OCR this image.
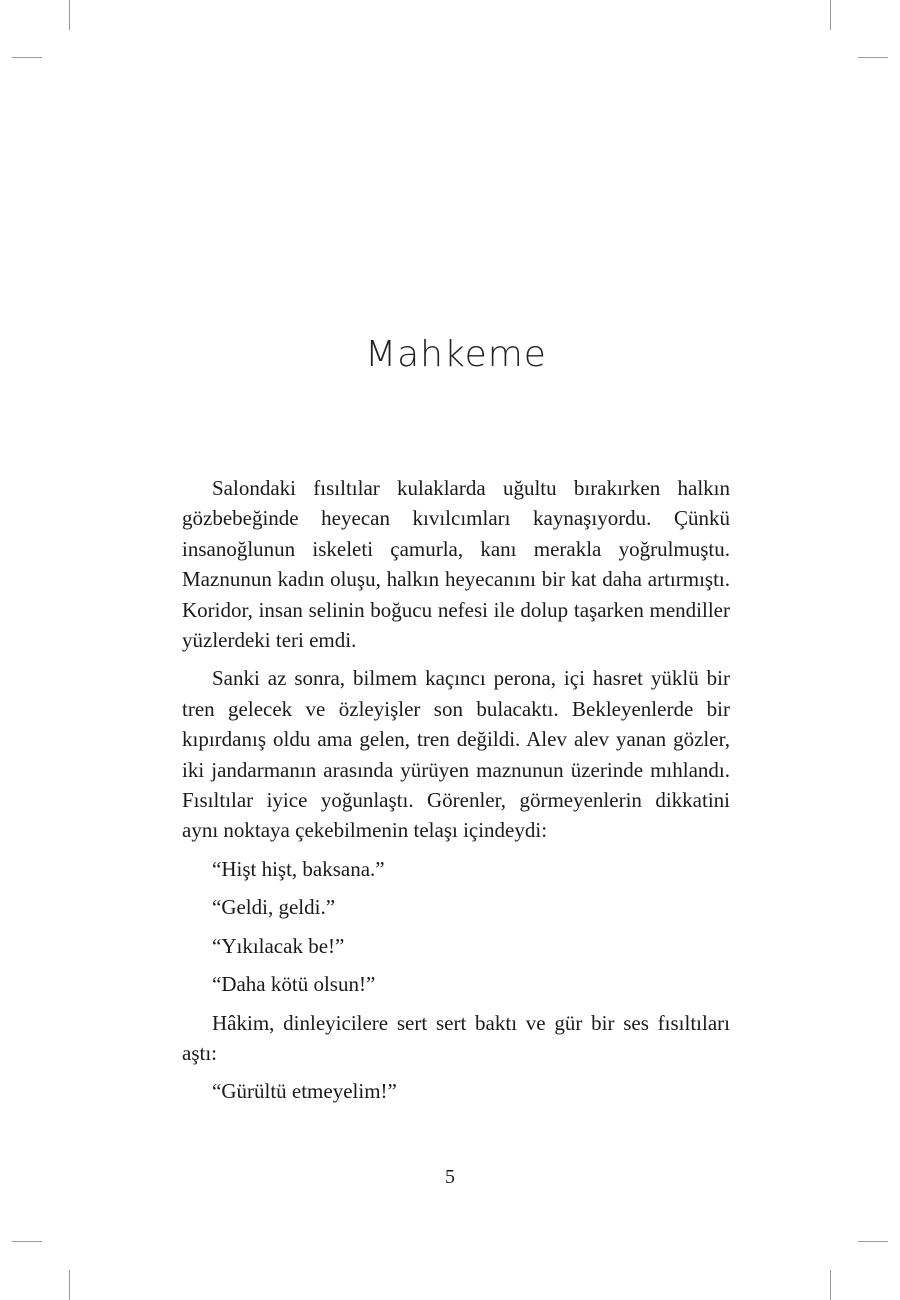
Mahkeme

Salondaki fısıltılar kulaklarda uğultu bırakırken halkın gözbebeğinde heyecan kıvılcımları kaynaşıyordu. Çünkü insanoğlunun iskeleti çamurla, kanı merakla yoğrulmuştu. Maznunun kadın oluşu, halkın heyecanını bir kat daha artırmıştı. Koridor, insan selinin boğucu nefesi ile dolup taşarken mendiller yüzlerdeki teri emdi.

Sanki az sonra, bilmem kaçıncı perona, içi hasret yüklü bir tren gelecek ve özleyişler son bulacaktı. Bekleyenlerde bir kıpırdanış oldu ama gelen, tren değildi. Alev alev yanan gözler, iki jandarmanın arasında yürüyen maznunun üzerinde mıhlandı. Fısıltılar iyice yoğunlaştı. Görenler, görmeyenlerin dikkatini aynı noktaya çekebilmenin telaşı içindeydi:

“Hişt hişt, baksana.”

“Geldi, geldi.”

“Yıkılacak be!”

“Daha kötü olsun!”

Hâkim, dinleyicilere sert sert baktı ve gür bir ses fısıltıları aştı:

“Gürültü etmeyelim!”

5
